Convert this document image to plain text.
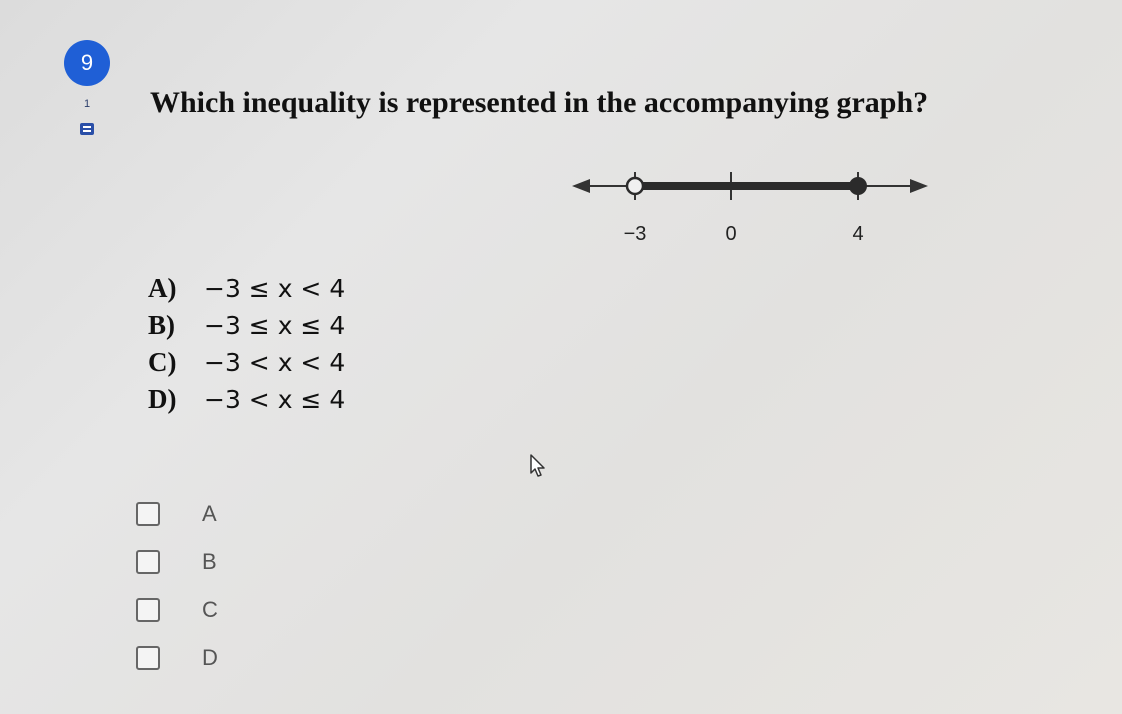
9
1 Which inequality is represented in the accompanying graph?
−3	0	4
A)	−3 ≤ x < 4
B)	−3 ≤ x ≤ 4
C)	−3 < x < 4
D)	−3 < x ≤ 4
A
B
C
D
